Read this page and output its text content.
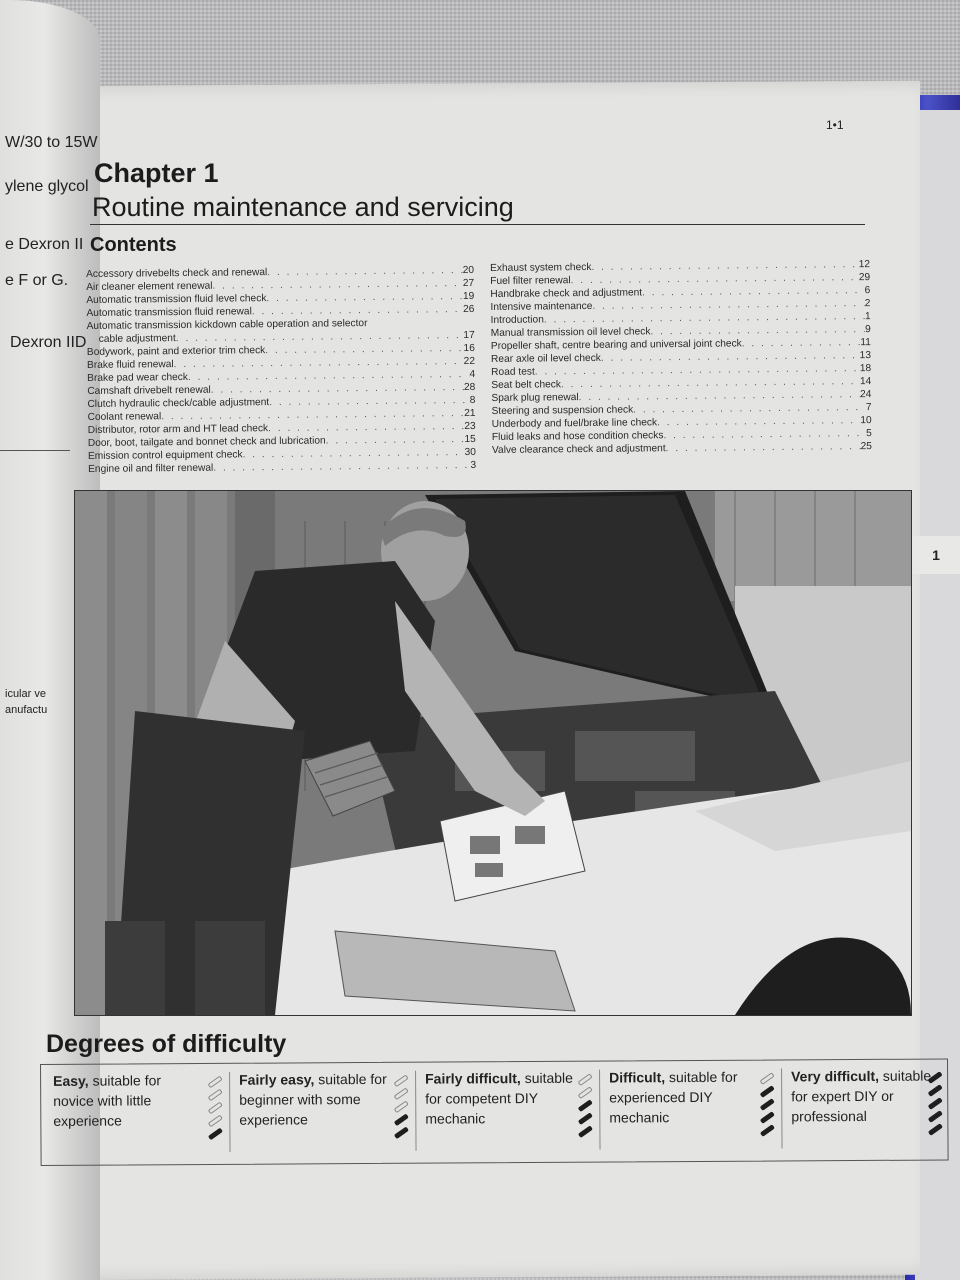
W/30 to 15W
ylene glycol
e Dexron II
e F or G.
Dexron IID
icular ve
anufactu
1•1
Chapter 1
Routine maintenance and servicing
Contents
Accessory drivebelts check and renewal . . .	20
Air cleaner element renewal . . .	27
Automatic transmission fluid level check . . .	19
Automatic transmission fluid renewal . . .	26
Automatic transmission kickdown cable operation and selector
cable adjustment . . .	17
Bodywork, paint and exterior trim check . . .	16
Brake fluid renewal . . .	22
Brake pad wear check . . .	4
Camshaft drivebelt renewal . . .	28
Clutch hydraulic check/cable adjustment . . .	8
Coolant renewal . . .	21
Distributor, rotor arm and HT lead check . . .	23
Door, boot, tailgate and bonnet check and lubrication . . .	15
Emission control equipment check . . .	30
Engine oil and filter renewal . . .	3
Exhaust system check . . .	12
Fuel filter renewal . . .	29
Handbrake check and adjustment . . .	6
Intensive maintenance . . .	2
Introduction . . .	1
Manual transmission oil level check . . .	9
Propeller shaft, centre bearing and universal joint check . . .	11
Rear axle oil level check . . .	13
Road test . . .	18
Seat belt check . . .	14
Spark plug renewal . . .	24
Steering and suspension check . . .	7
Underbody and fuel/brake line check . . .	10
Fluid leaks and hose condition checks . . .	5
Valve clearance check and adjustment . . .	25
1
Degrees of difficulty
Easy, suitable for novice with little experience
Fairly easy, suitable for beginner with some experience
Fairly difficult, suitable for competent DIY mechanic
Difficult, suitable for experienced DIY mechanic
Very difficult, suitable for expert DIY or professional
